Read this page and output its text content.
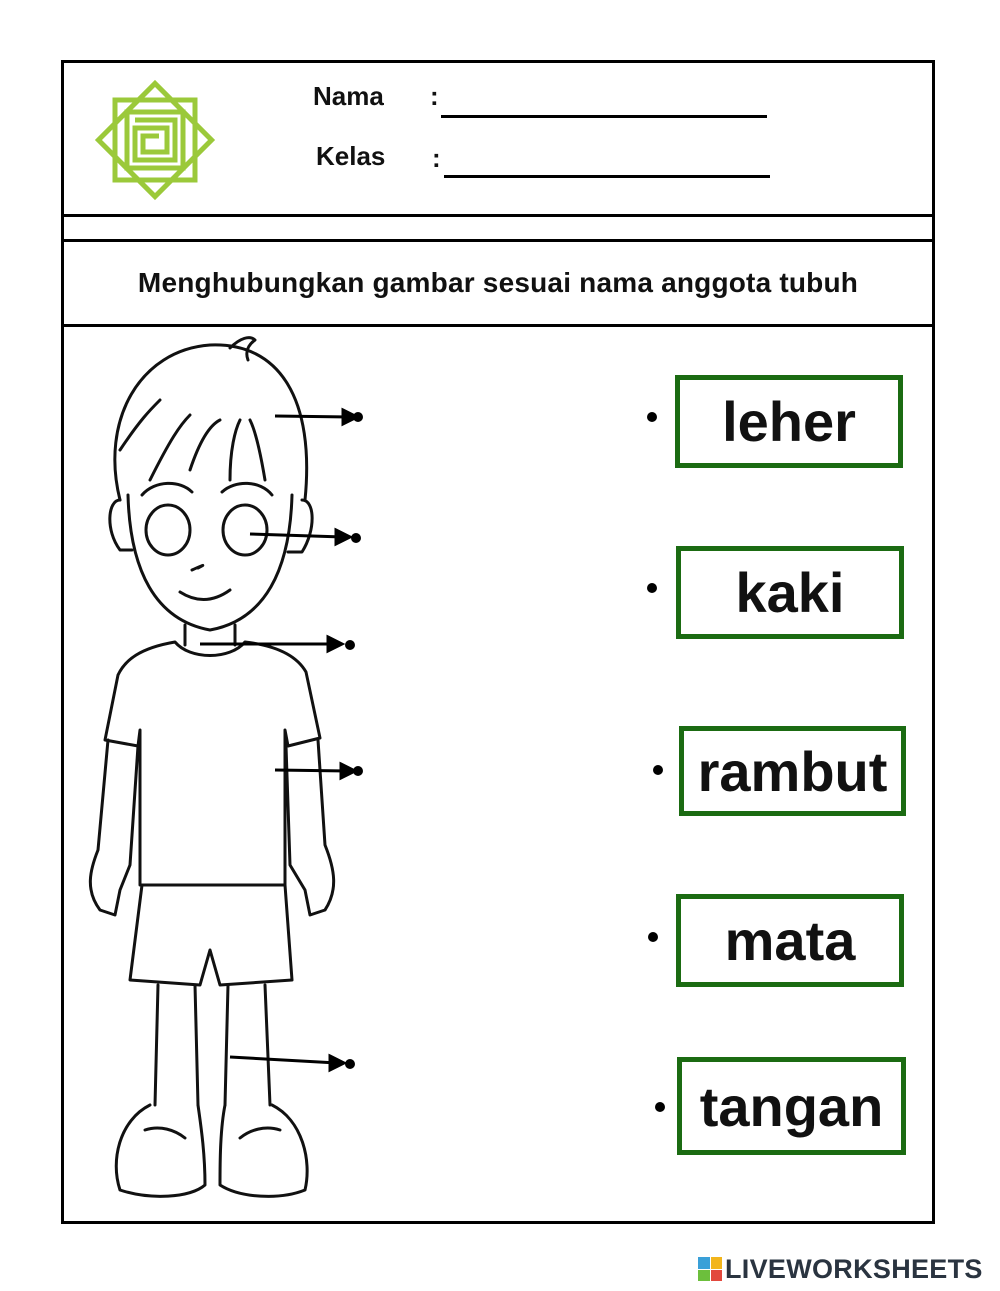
Nama :
Kelas :
Menghubungkan gambar sesuai nama anggota tubuh
leher
kaki
rambut
mata
tangan
LIVEWORKSHEETS
